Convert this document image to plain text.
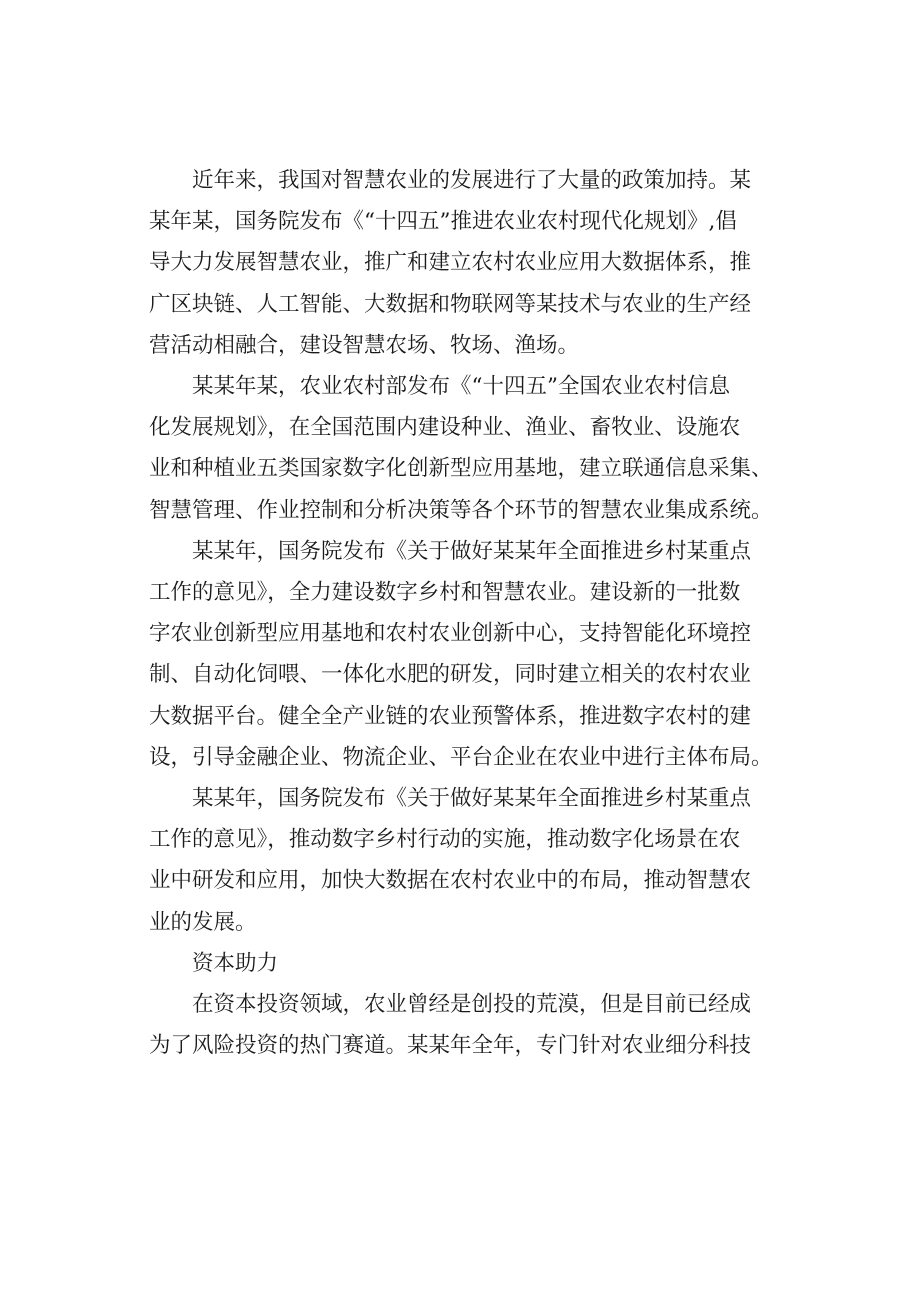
近年来，我国对智慧农业的发展进行了大量的政策加持。某
某年某，国务院发布《“十四五”推进农业农村现代化规划》,倡
导大力发展智慧农业，推广和建立农村农业应用大数据体系，推
广区块链、人工智能、大数据和物联网等某技术与农业的生产经
营活动相融合，建设智慧农场、牧场、渔场。

某某年某，农业农村部发布《“十四五”全国农业农村信息
化发展规划》，在全国范围内建设种业、渔业、畜牧业、设施农
业和种植业五类国家数字化创新型应用基地，建立联通信息采集、
智慧管理、作业控制和分析决策等各个环节的智慧农业集成系统。

某某年，国务院发布《关于做好某某年全面推进乡村某重点
工作的意见》，全力建设数字乡村和智慧农业。建设新的一批数
字农业创新型应用基地和农村农业创新中心，支持智能化环境控
制、自动化饲喂、一体化水肥的研发，同时建立相关的农村农业
大数据平台。健全全产业链的农业预警体系，推进数字农村的建
设，引导金融企业、物流企业、平台企业在农业中进行主体布局。

某某年，国务院发布《关于做好某某年全面推进乡村某重点
工作的意见》，推动数字乡村行动的实施，推动数字化场景在农
业中研发和应用，加快大数据在农村农业中的布局，推动智慧农
业的发展。

资本助力

在资本投资领域，农业曾经是创投的荒漠，但是目前已经成
为了风险投资的热门赛道。某某年全年，专门针对农业细分科技
